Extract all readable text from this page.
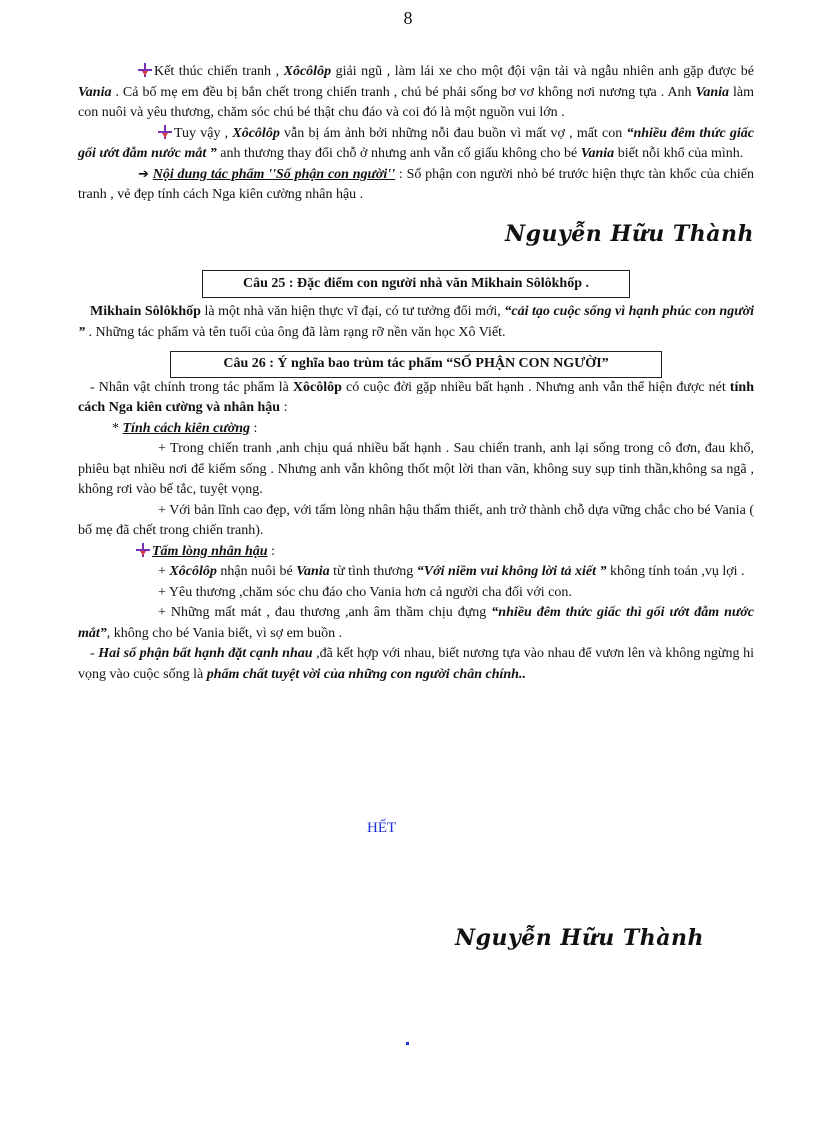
8

Kết thúc chiến tranh , Xôcôlôp giải ngũ , làm lái xe cho một đội vận tải và ngẫu nhiên anh gặp được bé Vania . Cả bố mẹ em đều bị bắn chết trong chiến tranh , chú bé phải sống bơ vơ không nơi nương tựa . Anh Vania làm con nuôi và yêu thương, chăm sóc chú bé thật chu đáo và coi đó là một nguồn vui lớn .

Tuy vậy , Xôcôlôp vẫn bị ám ảnh bởi những nỗi đau buồn vì mất vợ , mất con “nhiều đêm thức giấc gối ướt đẫm nước mắt ” anh thương thay đổi chỗ ở nhưng anh vẫn cố giấu không cho bé Vania biết nỗi khổ của mình.

➔ Nội dung tác phẩm ''Số phận con người'' : Số phận con người nhỏ bé trước hiện thực tàn khốc của chiến tranh , vẻ đẹp tính cách Nga kiên cường nhân hậu .

Nguyễn Hữu Thành
Câu 25 : Đặc điểm con người nhà văn Mikhain Sôlôkhốp .

Mikhain Sôlôkhốp là một nhà văn hiện thực vĩ đại, có tư tưởng đổi mới, “cải tạo cuộc sống vì hạnh phúc con người ” . Những tác phẩm và tên tuổi của ông đã làm rạng rỡ nền văn học Xô Viết.

Câu 26 : Ý nghĩa bao trùm tác phẩm “SỐ PHẬN CON NGƯỜI”

- Nhân vật chính trong tác phẩm là Xôcôlôp có cuộc đời gặp nhiều bất hạnh . Nhưng anh vẫn thể hiện được nét tính cách Nga kiên cường và nhân hậu :

* Tính cách kiên cường :

+ Trong chiến tranh ,anh chịu quá nhiều bất hạnh . Sau chiến tranh, anh lại sống trong cô đơn, đau khổ, phiêu bạt nhiều nơi để kiếm sống . Nhưng anh vẫn không thốt một lời than vãn, không suy sụp tinh thần,không sa ngã , không rơi vào bế tắc, tuyệt vọng.

+ Với bản lĩnh cao đẹp, với tấm lòng nhân hậu thấm thiết, anh trở thành chỗ dựa vững chắc cho bé Vania ( bố mẹ đã chết trong chiến tranh).

Tấm lòng nhân hậu :

+ Xôcôlôp nhận nuôi bé Vania từ tình thương “Với niềm vui không lời tả xiết ” không tính toán ,vụ lợi .

+ Yêu thương ,chăm sóc chu đáo cho Vania hơn cả người cha đối với con.

+ Những mất mát , đau thương ,anh âm thầm chịu đựng “nhiều đêm thức giấc thì gối ướt đẫm nước mắt”, không cho bé Vania biết, vì sợ em buồn .

- Hai số phận bất hạnh đặt cạnh nhau ,đã kết hợp với nhau, biết nương tựa vào nhau để vươn lên và không ngừng hi vọng vào cuộc sống là phẩm chất tuyệt vời của những con người chân chính..

HẾT
Nguyễn Hữu Thành
